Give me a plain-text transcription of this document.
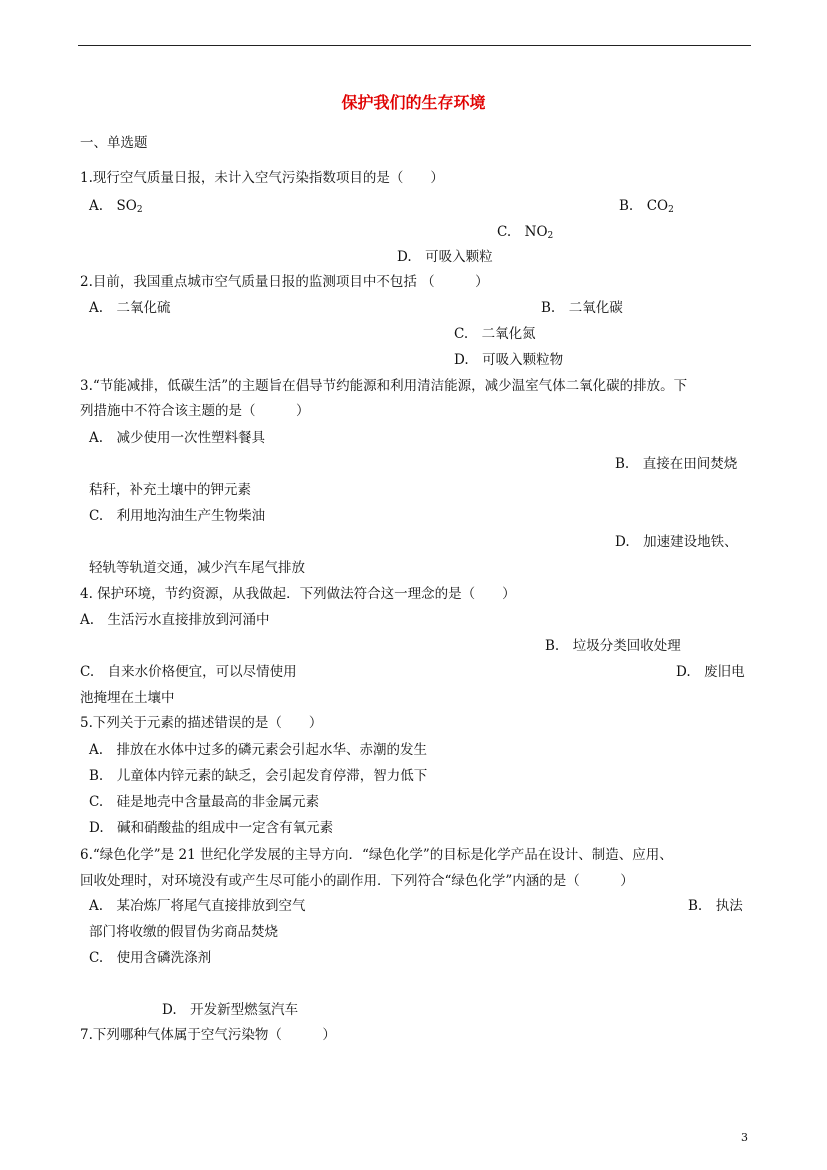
保护我们的生存环境
一、单选题
1.现行空气质量日报，未计入空气污染指数项目的是（　　）
A.　 $SO_2$	B.　 $CO_2$
C.　 $NO_2$
D.　 可吸入颗粒
2.目前，我国重点城市空气质量日报的监测项目中不包括 （　　　）
A.　二氧化硫	B.　二氧化碳
C.　二氧化氮
D.　可吸入颗粒物
3.“节能减排，低碳生活”的主题旨在倡导节约能源和利用清洁能源，减少温室气体二氧化碳的排放。下
列措施中不符合该主题的是（　　　）
A.　减少使用一次性塑料餐具
B.　直接在田间焚烧
秸秆，补充土壤中的钾元素
C.　利用地沟油生产生物柴油
D.　加速建设地铁、
轻轨等轨道交通，减少汽车尾气排放
4. 保护环境，节约资源，从我做起．下列做法符合这一理念的是（　　）
A.　生活污水直接排放到河涌中
B.　垃圾分类回收处理
C.　自来水价格便宜，可以尽情使用	D.　废旧电
池掩埋在土壤中
5.下列关于元素的描述错误的是（　　）
A.　排放在水体中过多的磷元素会引起水华、赤潮的发生
B.　儿童体内锌元素的缺乏，会引起发育停滞，智力低下
C.　硅是地壳中含量最高的非金属元素
D.　碱和硝酸盐的组成中一定含有氧元素
6.“绿色化学”是 21 世纪化学发展的主导方向．“绿色化学”的目标是化学产品在设计、制造、应用、
回收处理时，对环境没有或产生尽可能小的副作用．下列符合“绿色化学”内涵的是（　　　）
A.　某冶炼厂将尾气直接排放到空气	B.　执法
部门将收缴的假冒伪劣商品焚烧
C.　使用含磷洗涤剂
D.　开发新型燃氢汽车
7.下列哪种气体属于空气污染物（　　　）
3
